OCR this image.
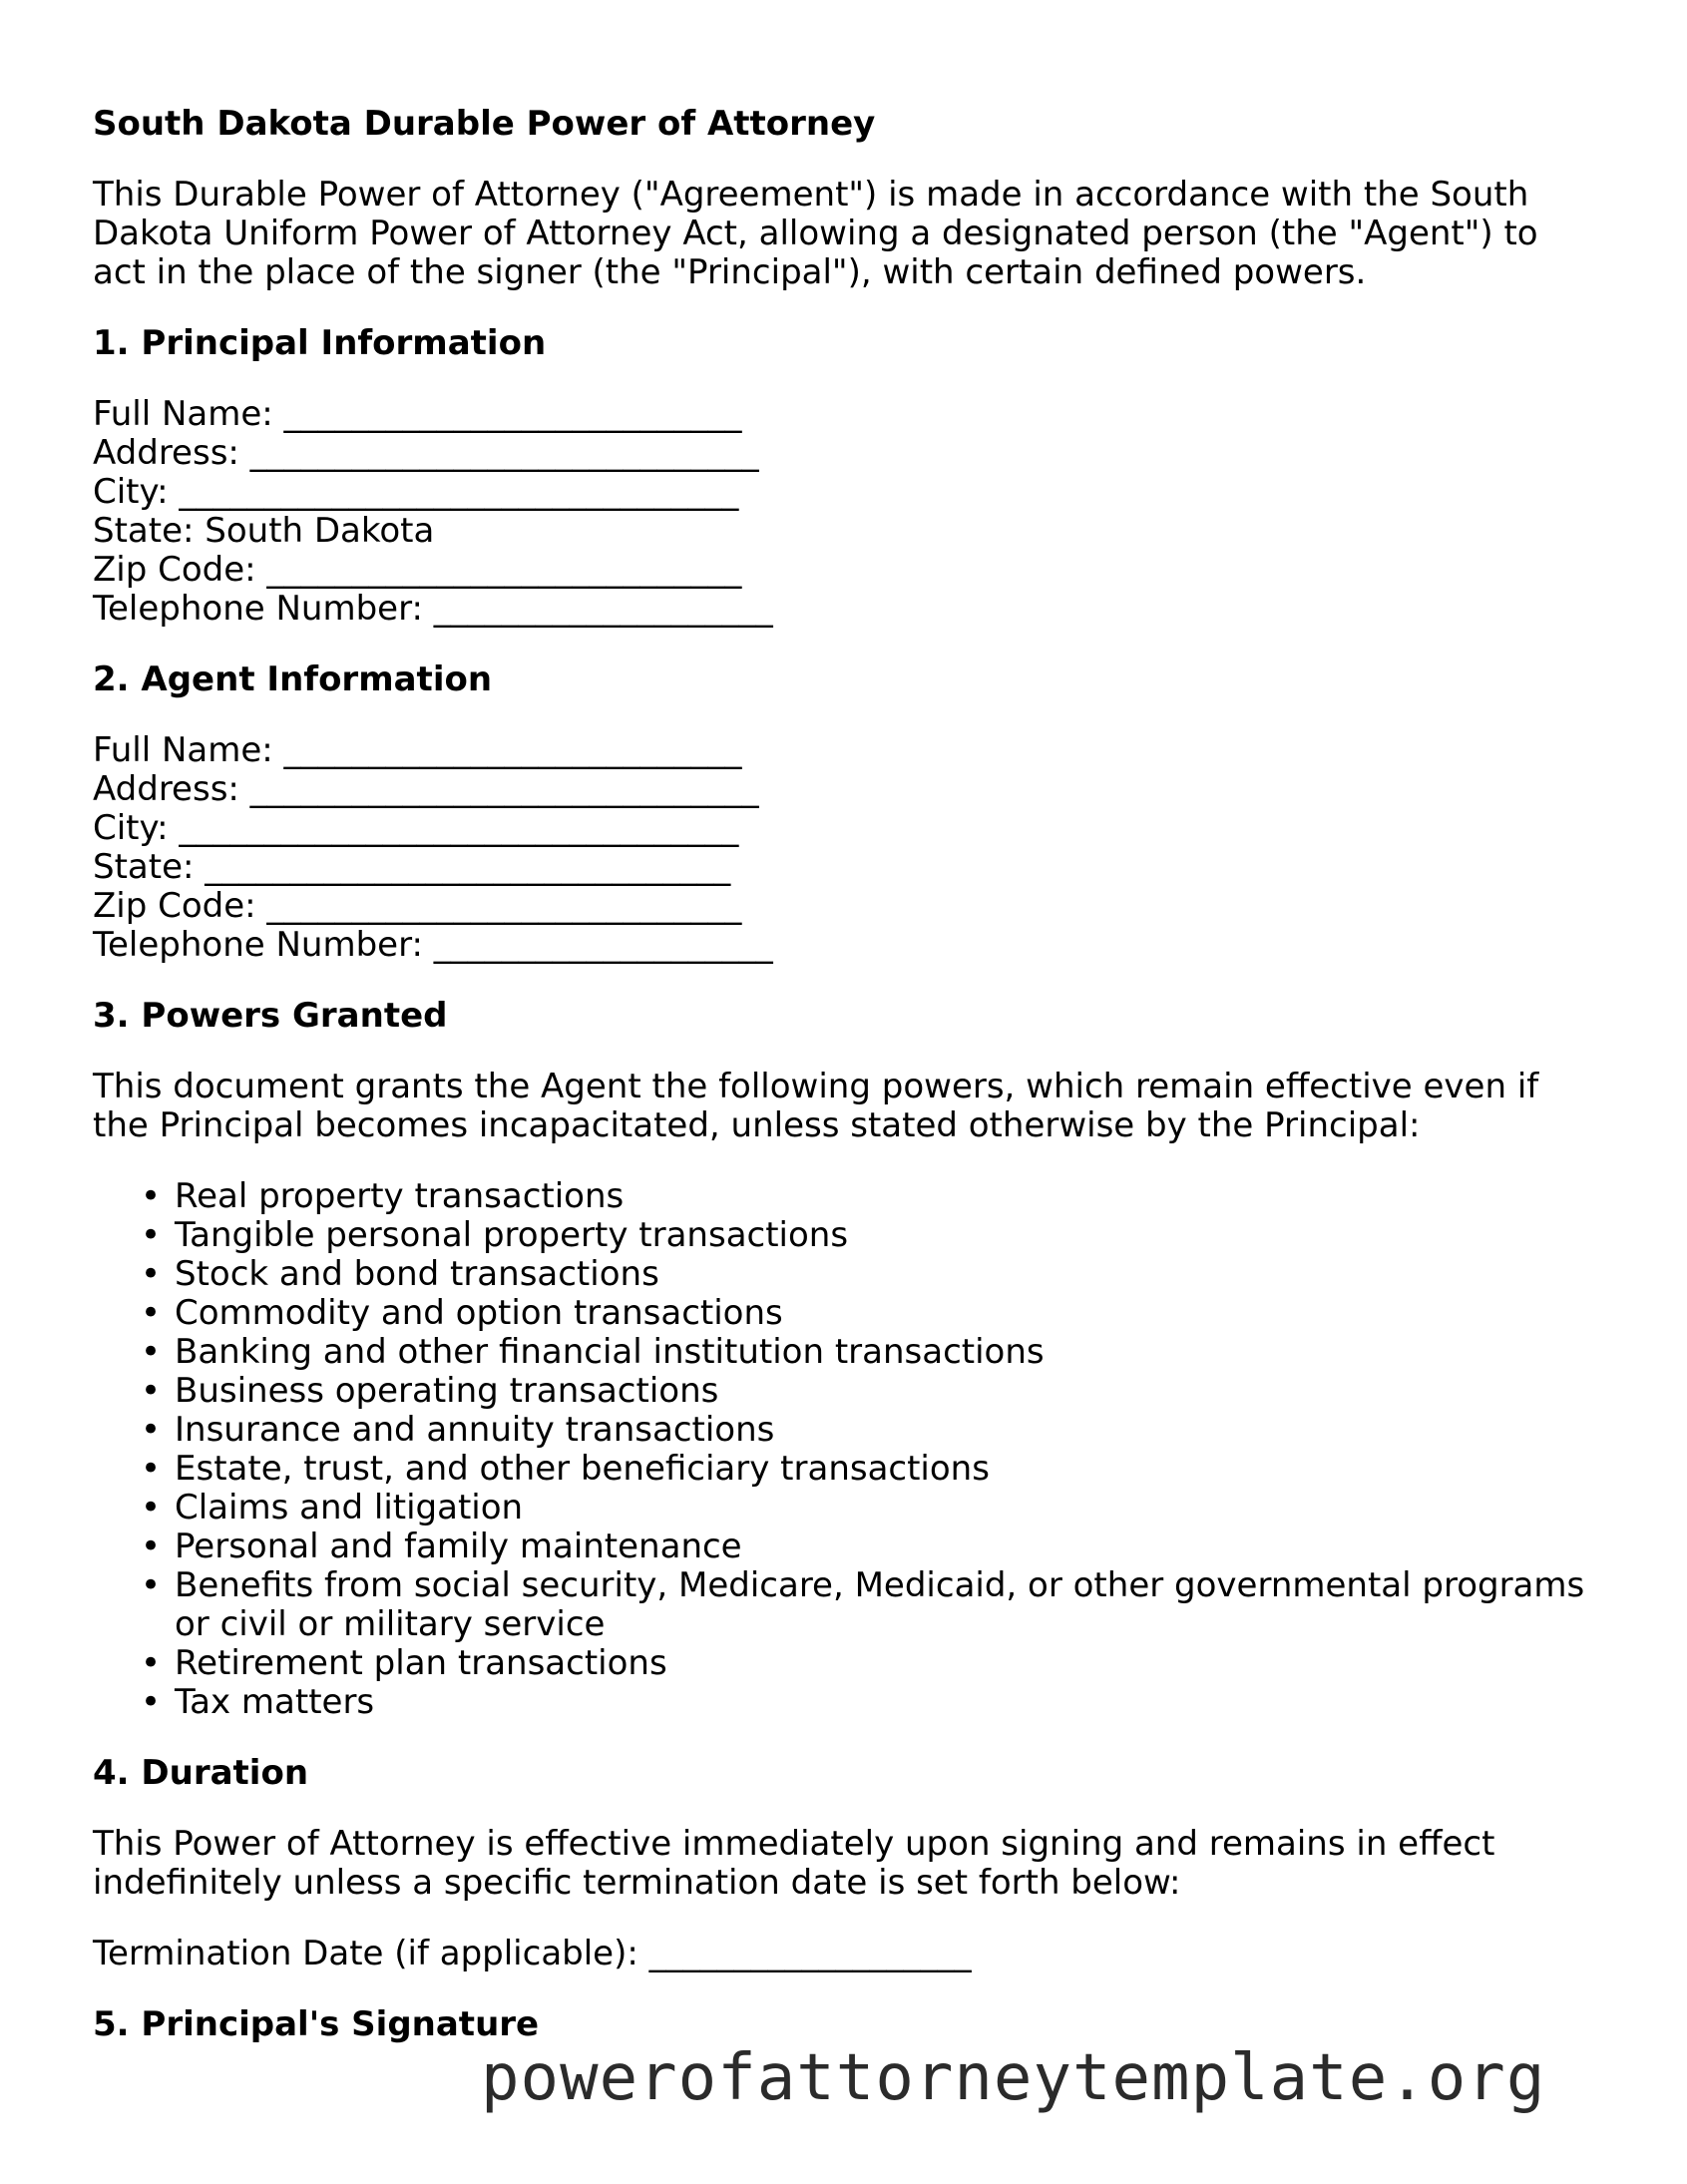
South Dakota Durable Power of Attorney
This Durable Power of Attorney ("Agreement") is made in accordance with the South Dakota Uniform Power of Attorney Act, allowing a designated person (the "Agent") to act in the place of the signer (the "Principal"), with certain defined powers.
1. Principal Information
Full Name: ___________________________
Address: ______________________________
City: _________________________________
State: South Dakota
Zip Code: ____________________________
Telephone Number: ____________________
2. Agent Information
Full Name: ___________________________
Address: ______________________________
City: _________________________________
State: _______________________________
Zip Code: ____________________________
Telephone Number: ____________________
3. Powers Granted
This document grants the Agent the following powers, which remain effective even if the Principal becomes incapacitated, unless stated otherwise by the Principal:
• Real property transactions
• Tangible personal property transactions
• Stock and bond transactions
• Commodity and option transactions
• Banking and other financial institution transactions
• Business operating transactions
• Insurance and annuity transactions
• Estate, trust, and other beneficiary transactions
• Claims and litigation
• Personal and family maintenance
• Benefits from social security, Medicare, Medicaid, or other governmental programs or civil or military service
• Retirement plan transactions
• Tax matters
4. Duration
This Power of Attorney is effective immediately upon signing and remains in effect indefinitely unless a specific termination date is set forth below:
Termination Date (if applicable): ___________________
5. Principal's Signature
powerofattorneytemplate.org
